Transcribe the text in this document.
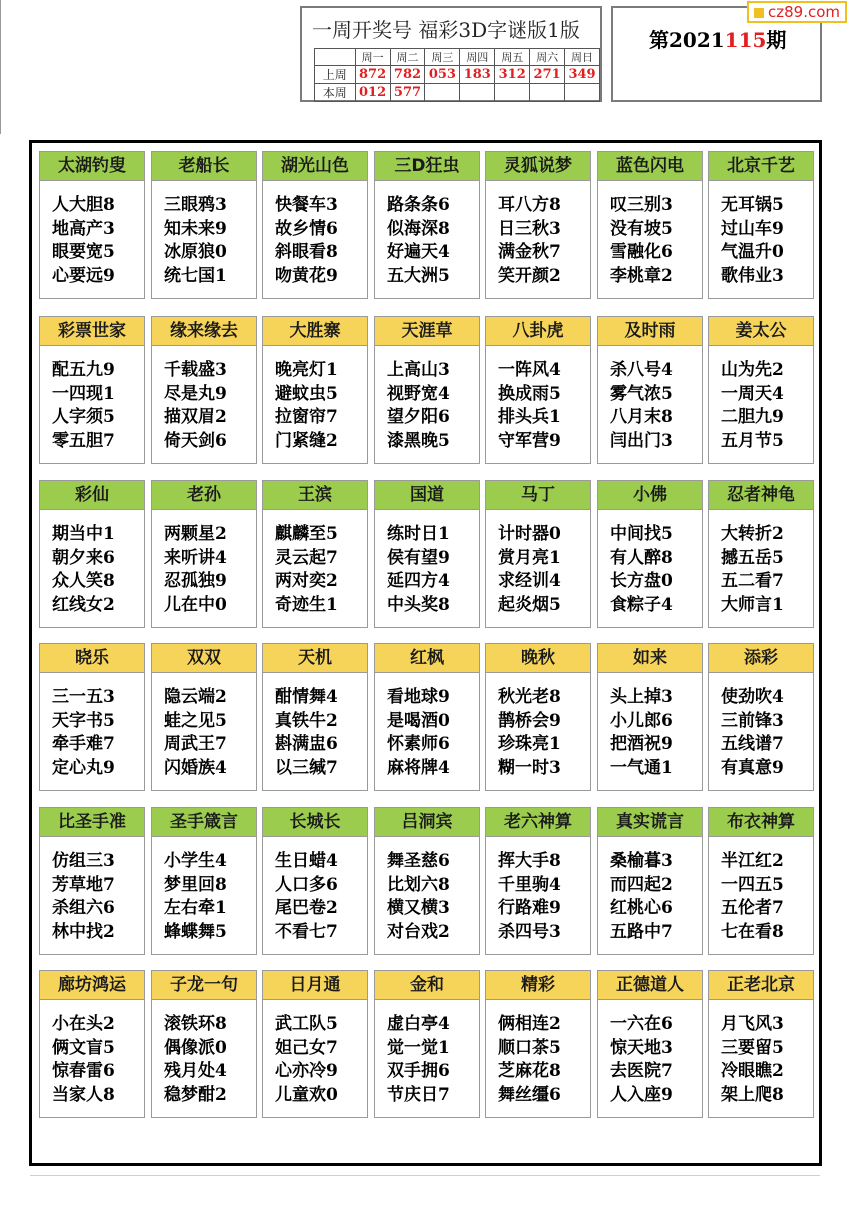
一周开奖号 福彩3D字谜版1版
	周一	周二	周三	周四	周五	周六	周日
上周	872	782	053	183	312	271	349
本周	012	577					
第2021115期
cz89.com
太湖钓叟
人大胆8
地高产3
眼要宽5
心要远9
老船长
三眼鸦3
知未来9
冰原狼0
统七国1
湖光山色
快餐车3
故乡情6
斜眼看8
吻黄花9
三D狂虫
路条条6
似海深8
好遍天4
五大洲5
灵狐说梦
耳八方8
日三秋3
满金秋7
笑开颜2
蓝色闪电
叹三别3
没有坡5
雪融化6
李桃章2
北京千艺
无耳锅5
过山车9
气温升0
歌伟业3
彩票世家
配五九9
一四现1
人字须5
零五胆7
缘来缘去
千载盛3
尽是丸9
描双眉2
倚天剑6
大胜寨
晚亮灯1
避蚊虫5
拉窗帘7
门紧缝2
天涯草
上高山3
视野宽4
望夕阳6
漆黑晚5
八卦虎
一阵风4
换成雨5
排头兵1
守军营9
及时雨
杀八号4
雾气浓5
八月末8
闫出门3
姜太公
山为先2
一周天4
二胆九9
五月节5
彩仙
期当中1
朝夕来6
众人笑8
红线女2
老孙
两颗星2
来听讲4
忍孤独9
儿在中0
王滨
麒麟至5
灵云起7
两对奕2
奇迹生1
国道
练时日1
侯有望9
延四方4
中头奖8
马丁
计时器0
赏月亮1
求经训4
起炎烟5
小佛
中间找5
有人醉8
长方盘0
食粽子4
忍者神龟
大转折2
撼五岳5
五二看7
大师言1
晓乐
三一五3
天字书5
牵手难7
定心丸9
双双
隐云端2
蛙之见5
周武王7
闪婚族4
天机
酣情舞4
真铁牛2
斟满盅6
以三缄7
红枫
看地球9
是喝酒0
怀素师6
麻将牌4
晚秋
秋光老8
鹊桥会9
珍珠亮1
糊一时3
如来
头上掉3
小儿郎6
把酒祝9
一气通1
添彩
使劲吹4
三前锋3
五线谱7
有真意9
比圣手准
仿组三3
芳草地7
杀组六6
林中找2
圣手箴言
小学生4
梦里回8
左右牵1
蜂蝶舞5
长城长
生日蜡4
人口多6
尾巴卷2
不看七7
吕洞宾
舞圣慈6
比划六8
横又横3
对台戏2
老六神算
挥大手8
千里驹4
行路难9
杀四号3
真实谎言
桑榆暮3
而四起2
红桃心6
五路中7
布衣神算
半江红2
一四五5
五伦者7
七在看8
廊坊鸿运
小在头2
俩文盲5
惊春雷6
当家人8
子龙一句
滚铁环8
偶像派0
残月处4
稳梦酣2
日月通
武工队5
妲己女7
心亦冷9
儿童欢0
金和
虚白亭4
觉一觉1
双手拥6
节庆日7
精彩
俩相连2
顺口茶5
芝麻花8
舞丝缰6
正德道人
一六在6
惊天地3
去医院7
人入座9
正老北京
月飞风3
三要留5
冷眼瞧2
架上爬8
